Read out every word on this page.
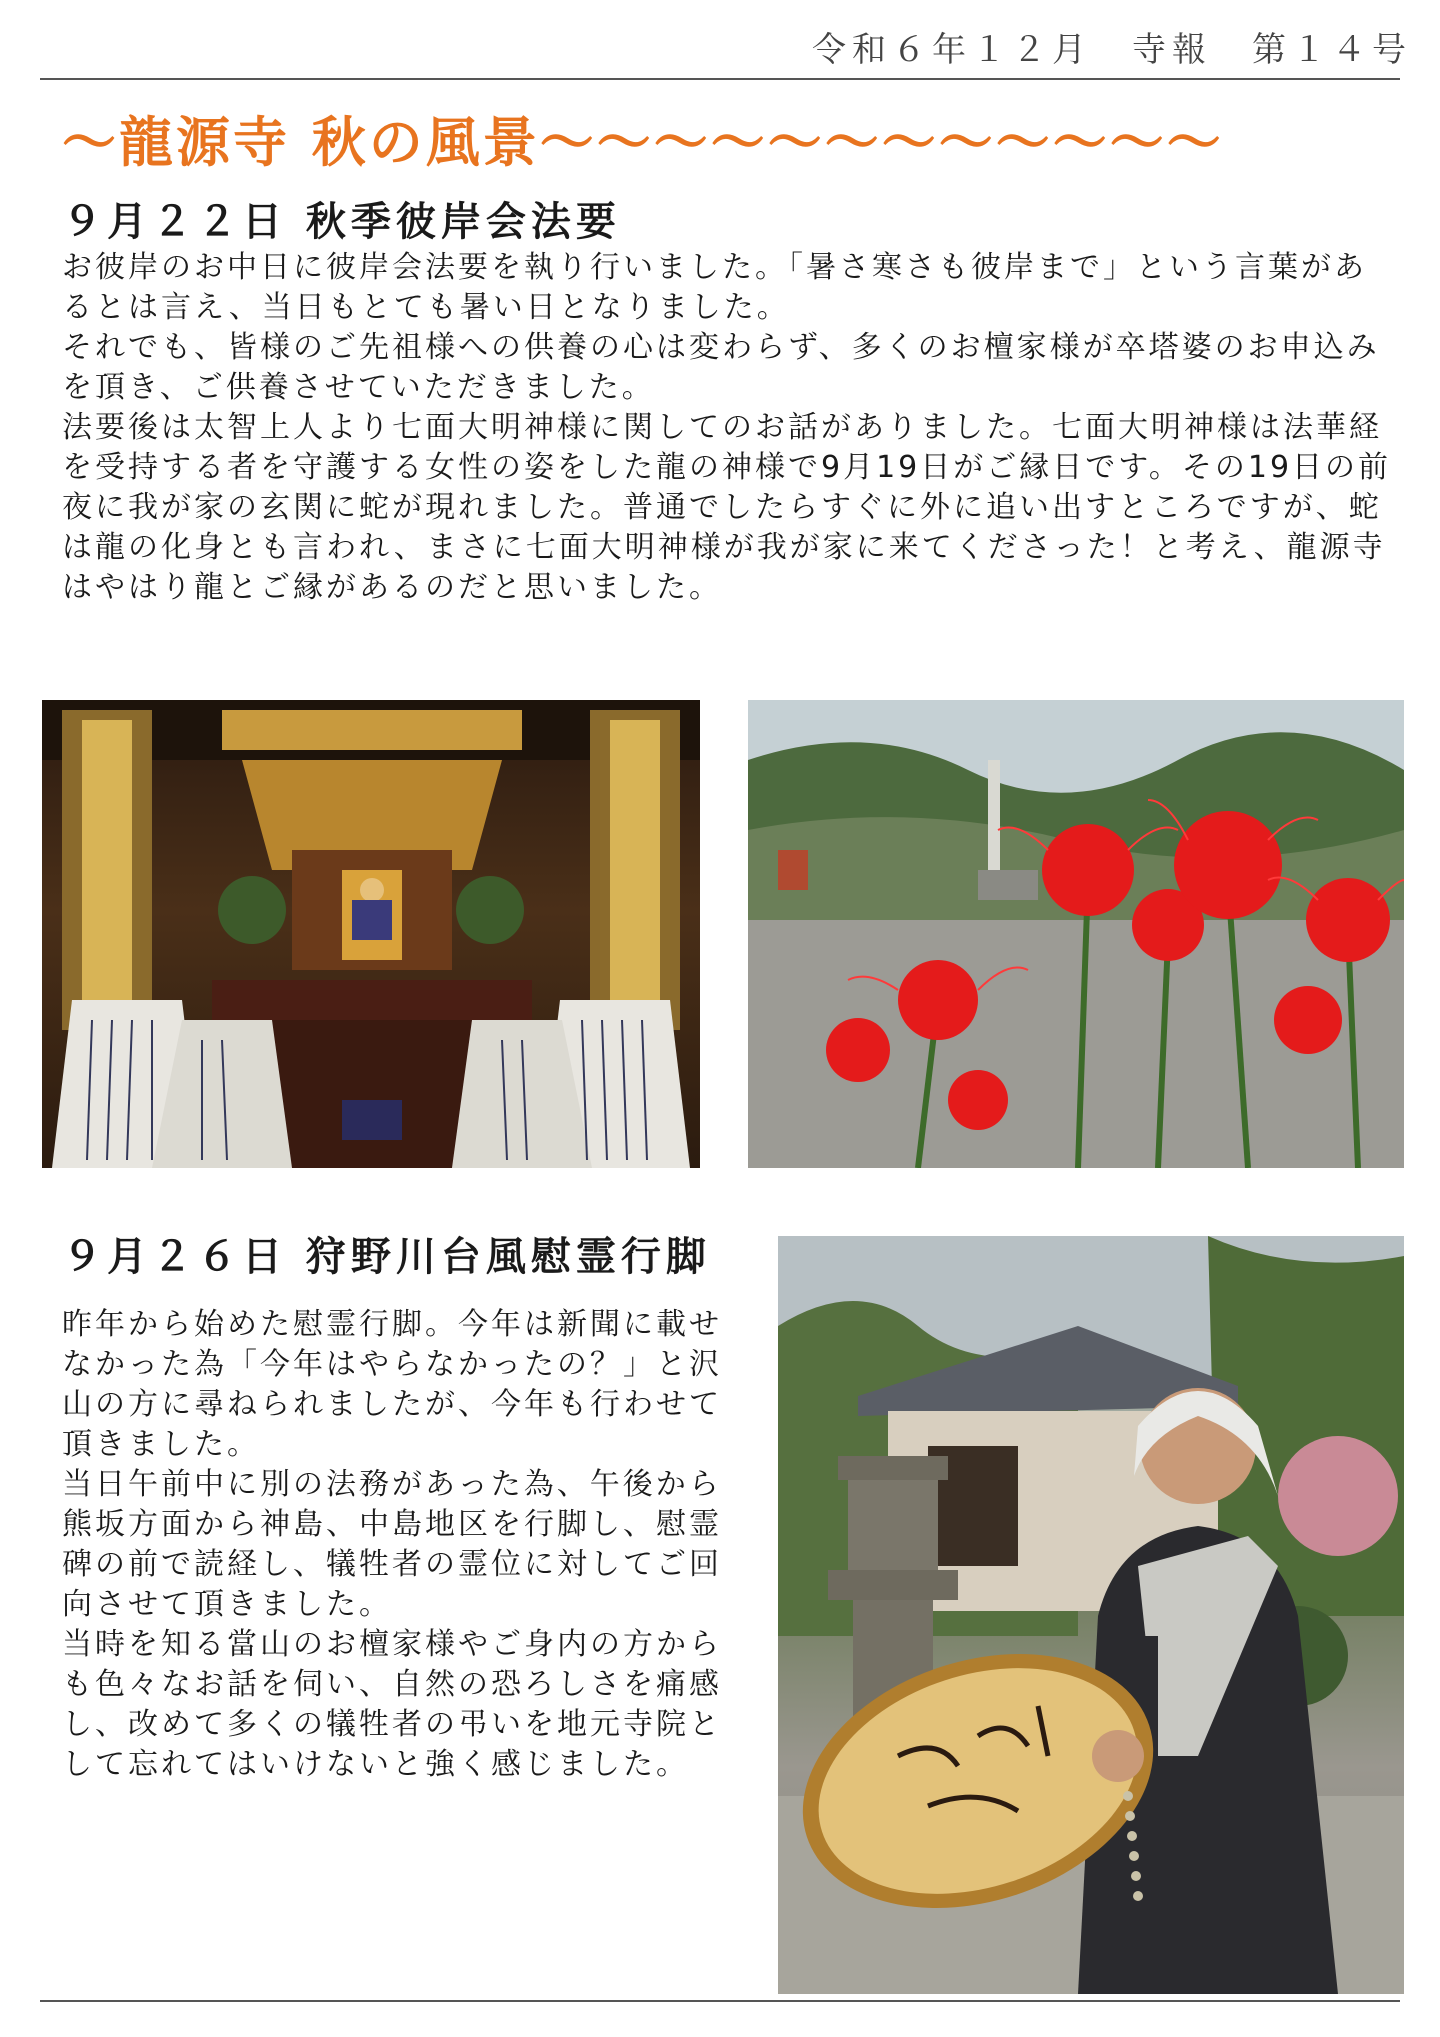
令和６年１２月　寺報　第１４号
〜龍源寺 秋の風景〜〜〜〜〜〜〜〜〜〜〜〜
９月２２日 秋季彼岸会法要

お彼岸のお中日に彼岸会法要を執り行いました。「暑さ寒さも彼岸まで」という言葉があるとは言え、当日もとても暑い日となりました。

それでも、皆様のご先祖様への供養の心は変わらず、多くのお檀家様が卒塔婆のお申込みを頂き、ご供養させていただきました。

法要後は太智上人より七面大明神様に関してのお話がありました。七面大明神様は法華経を受持する者を守護する女性の姿をした龍の神様で9月19日がご縁日です。その19日の前夜に我が家の玄関に蛇が現れました。普通でしたらすぐに外に追い出すところですが、蛇は龍の化身とも言われ、まさに七面大明神様が我が家に来てくださった！と考え、龍源寺はやはり龍とご縁があるのだと思いました。

９月２６日 狩野川台風慰霊行脚

昨年から始めた慰霊行脚。今年は新聞に載せなかった為「今年はやらなかったの？」と沢山の方に尋ねられましたが、今年も行わせて頂きました。

当日午前中に別の法務があった為、午後から熊坂方面から神島、中島地区を行脚し、慰霊碑の前で読経し、犠牲者の霊位に対してご回向させて頂きました。

当時を知る當山のお檀家様やご身内の方からも色々なお話を伺い、自然の恐ろしさを痛感し、改めて多くの犠牲者の弔いを地元寺院として忘れてはいけないと強く感じました。
